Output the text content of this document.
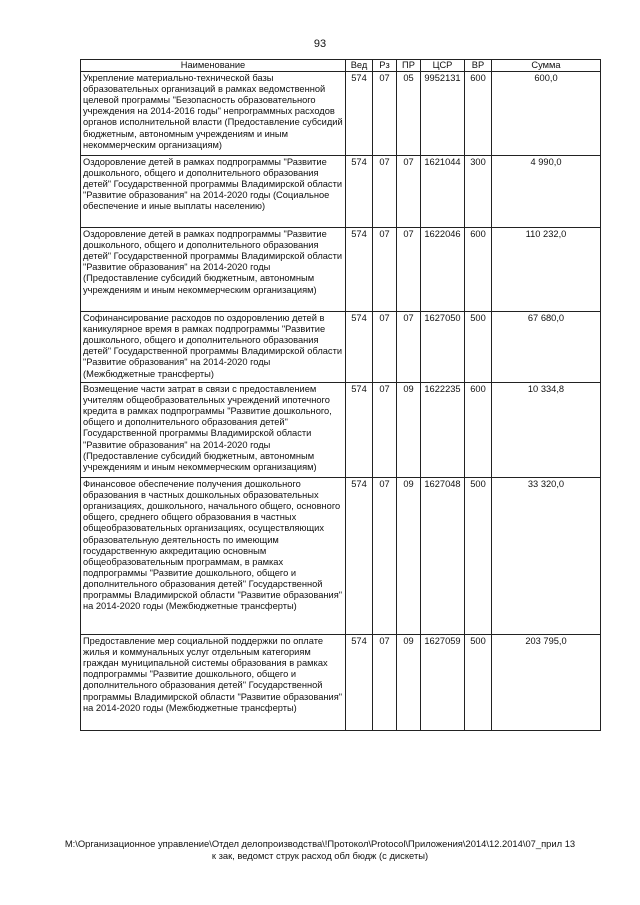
93
Наименование	Вед	Рз	ПР	ЦСР	ВР	Сумма
Укрепление материально-технической базы образовательных организаций в рамках ведомственной целевой программы "Безопасность образовательного учреждения на 2014-2016 годы" непрограммных расходов органов исполнительной власти (Предоставление субсидий бюджетным, автономным учреждениям и иным некоммерческим организациям)	574	07	05	9952131	600	600,0
Оздоровление детей в рамках подпрограммы "Развитие дошкольного, общего и дополнительного образования детей" Государственной программы Владимирской области "Развитие образования" на 2014-2020 годы (Социальное обеспечение и иные выплаты населению)	574	07	07	1621044	300	4 990,0
Оздоровление детей в рамках подпрограммы "Развитие дошкольного, общего и дополнительного образования детей" Государственной программы Владимирской области "Развитие образования" на 2014-2020 годы (Предоставление субсидий бюджетным, автономным учреждениям и иным некоммерческим организациям)	574	07	07	1622046	600	110 232,0
Софинансирование расходов по оздоровлению детей в каникулярное время в рамках подпрограммы "Развитие дошкольного, общего и дополнительного образования детей" Государственной программы Владимирской области "Развитие образования" на 2014-2020 годы (Межбюджетные трансферты)	574	07	07	1627050	500	67 680,0
Возмещение части затрат в связи с предоставлением учителям общеобразовательных учреждений ипотечного кредита в рамках подпрограммы "Развитие дошкольного, общего и дополнительного образования детей" Государственной программы Владимирской области "Развитие образования" на 2014-2020 годы (Предоставление субсидий бюджетным, автономным учреждениям и иным некоммерческим организациям)	574	07	09	1622235	600	10 334,8
Финансовое обеспечение получения дошкольного образования в частных дошкольных образовательных организациях, дошкольного, начального общего, основного общего, среднего общего образования в частных общеобразовательных организациях, осуществляющих образовательную деятельность по имеющим государственную аккредитацию основным общеобразовательным программам, в рамках подпрограммы "Развитие дошкольного, общего и дополнительного образования детей" Государственной программы Владимирской области "Развитие образования" на 2014-2020 годы (Межбюджетные трансферты)	574	07	09	1627048	500	33 320,0
Предоставление мер социальной поддержки по оплате жилья и коммунальных услуг отдельным категориям граждан муниципальной системы образования в рамках подпрограммы "Развитие дошкольного, общего и дополнительного образования детей" Государственной программы Владимирской области "Развитие образования" на 2014-2020 годы (Межбюджетные трансферты)	574	07	09	1627059	500	203 795,0
M:\Организационное управление\Отдел делопроизводства\!Протокол\Protocol\Приложения\2014\12.2014\07_прил 13
к зак, ведомст струк расход обл бюдж (с дискеты)
